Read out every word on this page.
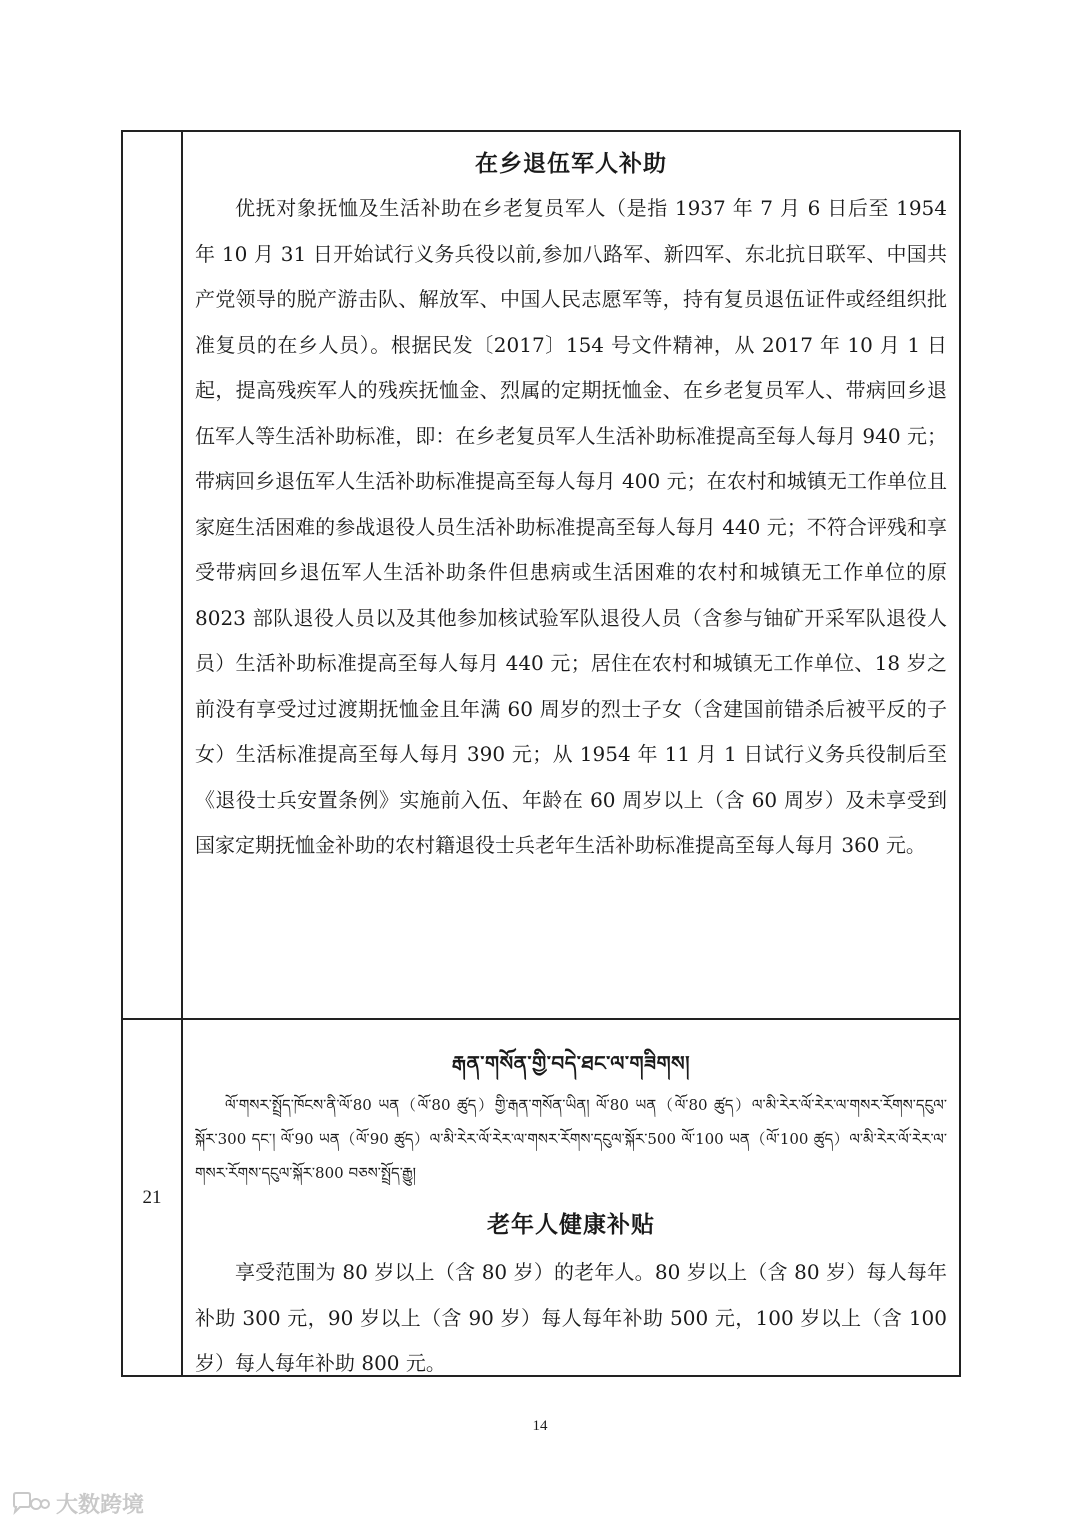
在乡退伍军人补助

优抚对象抚恤及生活补助在乡老复员军人（是指 1937 年 7 月 6 日后至 1954 年 10 月 31 日开始试行义务兵役以前,参加八路军、新四军、东北抗日联军、中国共产党领导的脱产游击队、解放军、中国人民志愿军等，持有复员退伍证件或经组织批准复员的在乡人员）。根据民发〔2017〕154 号文件精神，从 2017 年 10 月 1 日起，提高残疾军人的残疾抚恤金、烈属的定期抚恤金、在乡老复员军人、带病回乡退伍军人等生活补助标准，即：在乡老复员军人生活补助标准提高至每人每月 940 元；带病回乡退伍军人生活补助标准提高至每人每月 400 元；在农村和城镇无工作单位且家庭生活困难的参战退役人员生活补助标准提高至每人每月 440 元；不符合评残和享受带病回乡退伍军人生活补助条件但患病或生活困难的农村和城镇无工作单位的原 8023 部队退役人员以及其他参加核试验军队退役人员（含参与铀矿开采军队退役人员）生活补助标准提高至每人每月 440 元；居住在农村和城镇无工作单位、18 岁之前没有享受过过渡期抚恤金且年满 60 周岁的烈士子女（含建国前错杀后被平反的子女）生活标准提高至每人每月 390 元；从 1954 年 11 月 1 日试行义务兵役制后至《退役士兵安置条例》实施前入伍、年龄在 60 周岁以上（含 60 周岁）及未享受到国家定期抚恤金补助的农村籍退役士兵老年生活补助标准提高至每人每月 360 元。

21
རྒན་གསོན་གྱི་བདེ་ཐང་ལ་གཟིགས།

ལོ་གསར་སྤྲོད་ཁོངས་ནི་ལོ་80 ཡན（ལོ་80 ཚུད）གྱི་རྒན་གསོན་ཡིན། ལོ་80 ཡན（ལོ་80 ཚུད）ལ་མི་རེར་ལོ་རེར་ལ་གསར་རོགས་དངུལ་སྐོར་300 དང་། ལོ་90 ཡན（ལོ་90 ཚུད）ལ་མི་རེར་ལོ་རེར་ལ་གསར་རོགས་དངུལ་སྐོར་500 ལོ་100 ཡན（ལོ་100 ཚུད）ལ་མི་རེར་ལོ་རེར་ལ་གསར་རོགས་དངུལ་སྐོར་800 བཅས་སྤྲོད་རྒྱུ།

老年人健康补贴

享受范围为 80 岁以上（含 80 岁）的老年人。80 岁以上（含 80 岁）每人每年补助 300 元，90 岁以上（含 90 岁）每人每年补助 500 元，100 岁以上（含 100 岁）每人每年补助 800 元。

14
大数跨境
